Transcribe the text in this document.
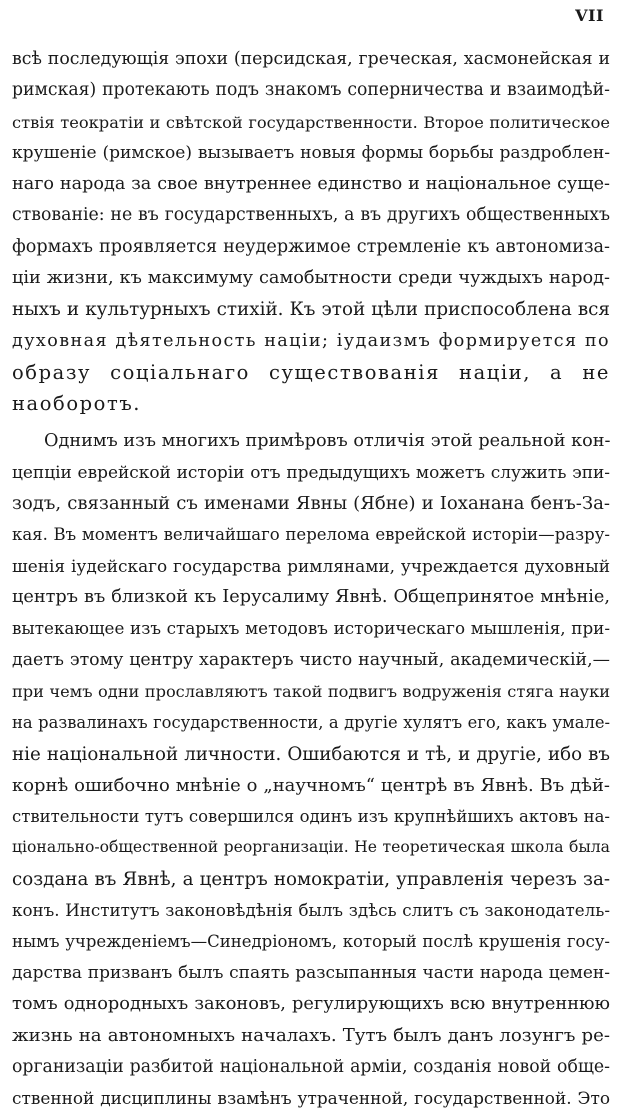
VII
всѣ последующія эпохи (персидская, греческая, хасмонейская и
римская) протекають подъ знакомъ соперничества и взаимодѣй-
ствія теократіи и свѣтской государственности. Второе политическое
крушеніе (римское) вызываетъ новыя формы борьбы раздроблен-
наго народа за свое внутреннее единство и національное суще-
ствованіе: не въ государственныхъ, а въ другихъ общественныхъ
формахъ проявляется неудержимое стремленіе къ автономиза-
ціи жизни, къ максимуму самобытности среди чуждыхъ народ-
ныхъ и культурныхъ стихій. Къ этой цѣли приспособлена вся
духовная дѣятельность націи; іудаизмъ формируется по
образу соціальнаго существованія націи, а не
наоборотъ.
Однимъ изъ многихъ примѣровъ отличія этой реальной кон-
цепціи еврейской исторіи отъ предыдущихъ можетъ служить эпи-
зодъ, связанный съ именами Явны (Ябне) и Іоханана бенъ-За-
кая. Въ моментъ величайшаго перелома еврейской исторіи—разру-
шенія іудейскаго государства римлянами, учреждается духовный
центръ въ близкой къ Іерусалиму Явнѣ. Общепринятое мнѣніе,
вытекающее изъ старыхъ методовъ историческаго мышленія, при-
даетъ этому центру характеръ чисто научный, академическій,—
при чемъ одни прославляютъ такой подвигъ водруженія стяга науки
на развалинахъ государственности, а другіе хулятъ его, какъ умале-
ніе національной личности. Ошибаются и тѣ, и другіе, ибо въ
корнѣ ошибочно мнѣніе о „научномъ“ центрѣ въ Явнѣ. Въ дѣй-
ствительности тутъ совершился одинъ изъ крупнѣйшихъ актовъ на-
ціонально-общественной реорганизаціи. Не теоретическая школа была
создана въ Явнѣ, а центръ номократіи, управленія черезъ за-
конъ. Институтъ законовѣдѣнія былъ здѣсь слитъ съ законодатель-
нымъ учрежденіемъ—Синедріономъ, который послѣ крушенія госу-
дарства призванъ былъ спаять разсыпанныя части народа цемен-
томъ однородныхъ законовъ, регулирующихъ всю внутреннюю
жизнь на автономныхъ началахъ. Тутъ былъ данъ лозунгъ ре-
организаціи разбитой національной арміи, созданія новой обще-
ственной дисциплины взамѣнъ утраченной, государственной. Это
